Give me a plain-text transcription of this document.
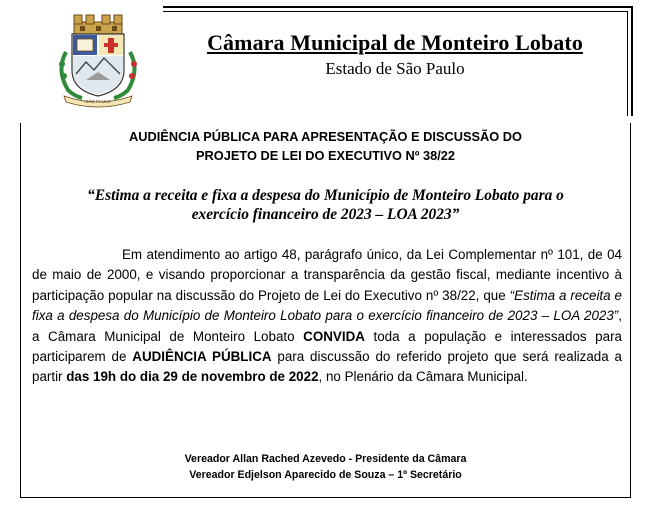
SÃO PAULO
Câmara Municipal de Monteiro Lobato
Estado de São Paulo
AUDIÊNCIA PÚBLICA PARA APRESENTAÇÃO E DISCUSSÃO DO
PROJETO DE LEI DO EXECUTIVO Nº 38/22
“Estima a receita e fixa a despesa do Município de Monteiro Lobato para o
exercício financeiro de 2023 – LOA 2023”
Em atendimento ao artigo 48, parágrafo único, da Lei Complementar nº 101, de 04 de maio de 2000, e visando proporcionar a transparência da gestão fiscal, mediante incentivo à participação popular na discussão do Projeto de Lei do Executivo nº 38/22, que “Estima a receita e fixa a despesa do Município de Monteiro Lobato para o exercício financeiro de 2023 – LOA 2023”, a Câmara Municipal de Monteiro Lobato CONVIDA toda a população e interessados para participarem de AUDIÊNCIA PÚBLICA para discussão do referido projeto que será realizada a partir das 19h do dia 29 de novembro de 2022, no Plenário da Câmara Municipal.
Vereador Allan Rached Azevedo - Presidente da Câmara
Vereador Edjelson Aparecido de Souza – 1º Secretário
